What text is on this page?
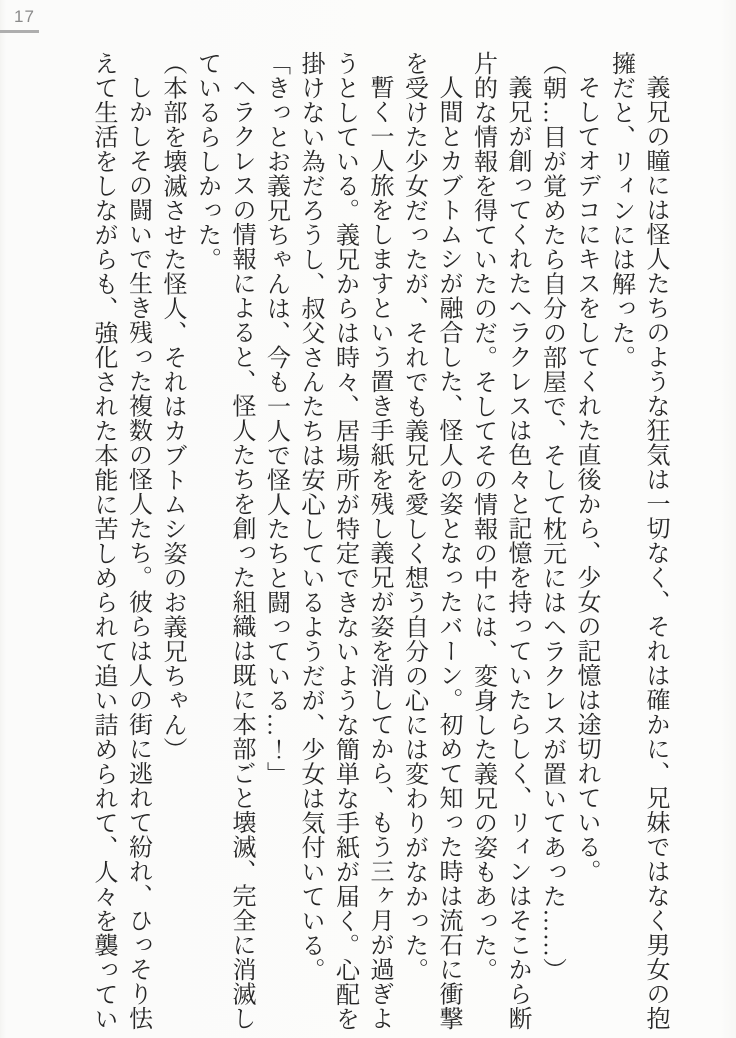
17

義兄の瞳には怪人たちのような狂気は一切なく、それは確かに、兄妹ではなく男女の抱擁だと、リィンには解った。

そしてオデコにキスをしてくれた直後から、少女の記憶は途切れている。

（朝…目が覚めたら自分の部屋で、そして枕元にはヘラクレスが置いてあった……）

義兄が創ってくれたヘラクレスは色々と記憶を持っていたらしく、リィンはそこから断片的な情報を得ていたのだ。そしてその情報の中には、変身した義兄の姿もあった。

人間とカブトムシが融合した、怪人の姿となったバーン。初めて知った時は流石に衝撃を受けた少女だったが、それでも義兄を愛しく想う自分の心には変わりがなかった。

暫く一人旅をしますという置き手紙を残し義兄が姿を消してから、もう三ヶ月が過ぎようとしている。義兄からは時々、居場所が特定できないような簡単な手紙が届く。心配を掛けない為だろうし、叔父さんたちは安心しているようだが、少女は気付いている。

「きっとお義兄ちゃんは、今も一人で怪人たちと闘っている…！」

ヘラクレスの情報によると、怪人たちを創った組織は既に本部ごと壊滅、完全に消滅しているらしかった。

（本部を壊滅させた怪人、それはカブトムシ姿のお義兄ちゃん）

しかしその闘いで生き残った複数の怪人たち。彼らは人の街に逃れて紛れ、ひっそり怯えて生活をしながらも、強化された本能に苦しめられて追い詰められて、人々を襲ってい
